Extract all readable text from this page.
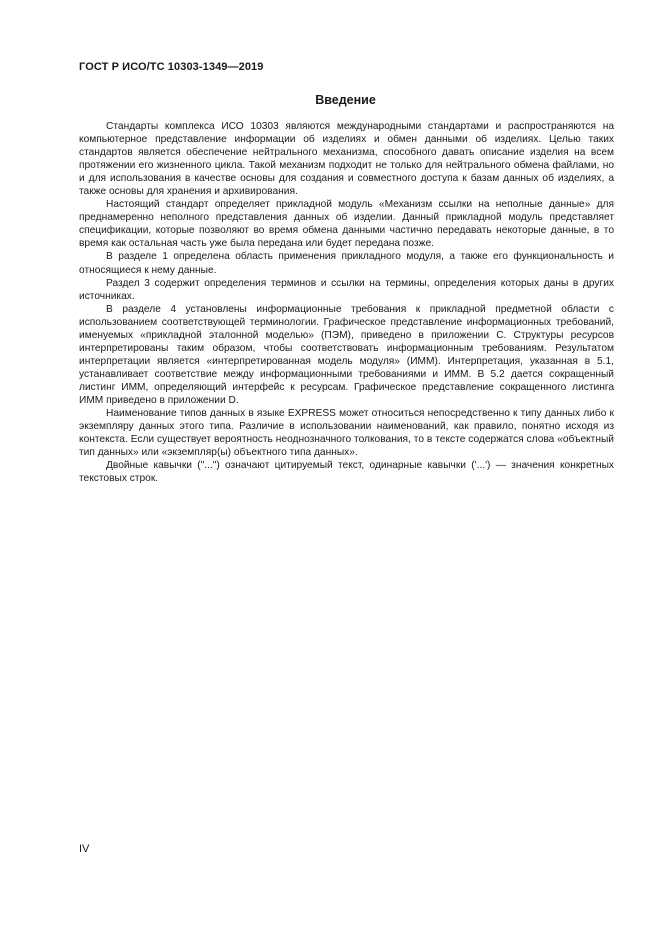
ГОСТ Р ИСО/ТС 10303-1349—2019
Введение

Стандарты комплекса ИСО 10303 являются международными стандартами и распространяются на компьютерное представление информации об изделиях и обмен данными об изделиях. Целью таких стандартов является обеспечение нейтрального механизма, способного давать описание изделия на всем протяжении его жизненного цикла. Такой механизм подходит не только для нейтрального обмена файлами, но и для использования в качестве основы для создания и совместного доступа к базам данных об изделиях, а также основы для хранения и архивирования.

Настоящий стандарт определяет прикладной модуль «Механизм ссылки на неполные данные» для преднамеренно неполного представления данных об изделии. Данный прикладной модуль представляет спецификации, которые позволяют во время обмена данными частично передавать некоторые данные, в то время как остальная часть уже была передана или будет передана позже.

В разделе 1 определена область применения прикладного модуля, а также его функциональность и относящиеся к нему данные.

Раздел 3 содержит определения терминов и ссылки на термины, определения которых даны в других источниках.

В разделе 4 установлены информационные требования к прикладной предметной области с использованием соответствующей терминологии. Графическое представление информационных требований, именуемых «прикладной эталонной моделью» (ПЭМ), приведено в приложении С. Структуры ресурсов интерпретированы таким образом, чтобы соответствовать информационным требованиям. Результатом интерпретации является «интерпретированная модель модуля» (ИММ). Интерпретация, указанная в 5.1, устанавливает соответствие между информационными требованиями и ИММ. В 5.2 дается сокращенный листинг ИММ, определяющий интерфейс к ресурсам. Графическое представление сокращенного листинга ИММ приведено в приложении D.

Наименование типов данных в языке EXPRESS может относиться непосредственно к типу данных либо к экземпляру данных этого типа. Различие в использовании наименований, как правило, понятно исходя из контекста. Если существует вероятность неоднозначного толкования, то в тексте содержатся слова «объектный тип данных» или «экземпляр(ы) объектного типа данных».

Двойные кавычки ("...") означают цитируемый текст, одинарные кавычки ('...') — значения конкретных текстовых строк.

IV
